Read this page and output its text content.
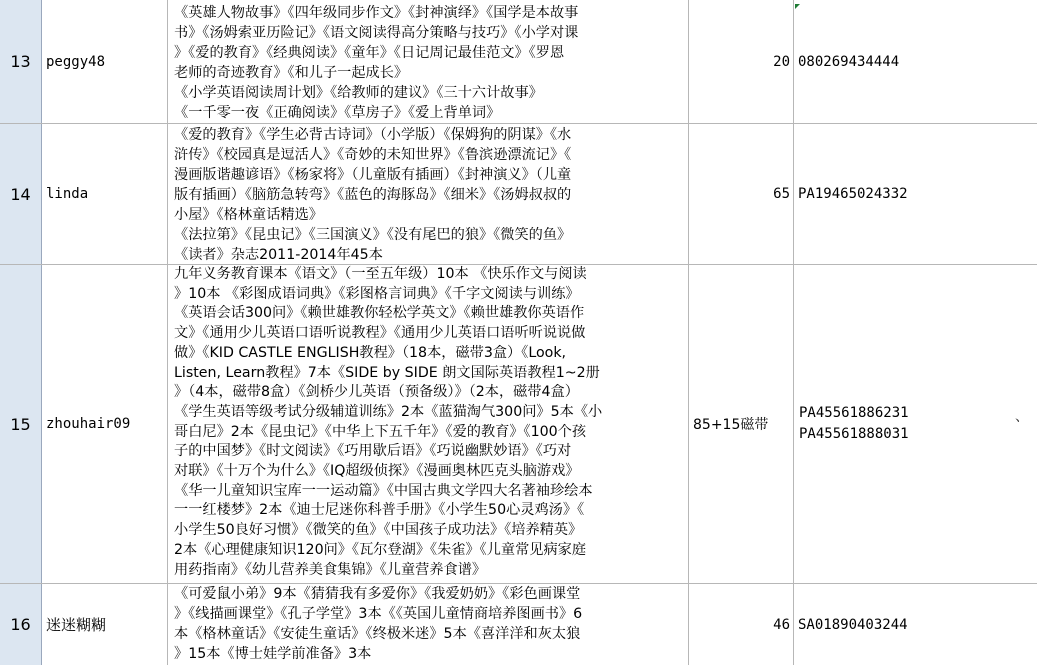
13	peggy48
《英雄人物故事》《四年级同步作文》《封神演绎》《国学是本故事
书》《汤姆索亚历险记》《语文阅读得高分策略与技巧》《小学对课
》《爱的教育》《经典阅读》《童年》《日记周记最佳范文》《罗恩
老师的奇迹教育》《和儿子一起成长》
《小学英语阅读周计划》《给教师的建议》《三十六计故事》
《一千零一夜《正确阅读》《草房子》《爱上背单词》
20 080269434444
14	linda
《爱的教育》《学生必背古诗词》（小学版）《保姆狗的阴谋》《水
浒传》《校园真是逗活人》《奇妙的未知世界》《鲁滨逊漂流记》《
漫画版谐趣谚语》《杨家将》（儿童版有插画）《封神演义》（儿童
版有插画）《脑筋急转弯》《蓝色的海豚岛》《细米》《汤姆叔叔的
小屋》《格林童话精选》
《法拉第》《昆虫记》《三国演义》《没有尾巴的狼》《微笑的鱼》
《读者》杂志2011-2014年45本
65 PA19465024332
15	zhouhair09
九年义务教育课本《语文》（一至五年级）10本 《快乐作文与阅读
》10本 《彩图成语词典》《彩图格言词典》《千字文阅读与训练》
《英语会话300问》《赖世雄教你轻松学英文》《赖世雄教你英语作
文》《通用少儿英语口语听说教程》《通用少儿英语口语听听说说做
做》《KID CASTLE ENGLISH教程》（18本，磁带3盒）《Look,
Listen, Learn教程》7本《SIDE by SIDE 朗文国际英语教程1~2册
》（4本，磁带8盒）《剑桥少儿英语（预备级）》（2本，磁带4盒）
《学生英语等级考试分级辅道训练》2本《蓝猫淘气300问》5本《小
哥白尼》2本《昆虫记》《中华上下五千年》《爱的教育》《100个孩
子的中国梦》《时文阅读》《巧用歇后语》《巧说幽默妙语》《巧对
对联》《十万个为什么》《IQ超级侦探》《漫画奥林匹克头脑游戏》
《华一儿童知识宝库一一运动篇》《中国古典文学四大名著袖珍绘本
一一红楼梦》2本《迪士尼迷你科普手册》《小学生50心灵鸡汤》《
小学生50良好习惯》《微笑的鱼》《中国孩子成功法》《培养精英》
2本《心理健康知识120问》《瓦尔登湖》《朱雀》《儿童常见病家庭
用药指南》《幼儿营养美食集锦》《儿童营养食谱》
85+15磁带
PA45561886231
PA45561888031
16	迷迷糊糊
《可爱鼠小弟》9本《猜猜我有多爱你》《我爱奶奶》《彩色画课堂
》《线描画课堂》《孔子学堂》3本《《英国儿童情商培养图画书》6
本《格林童话》《安徒生童话》《终极米迷》5本《喜洋洋和灰太狼
》15本《博士娃学前准备》3本
46 SA01890403244
、
